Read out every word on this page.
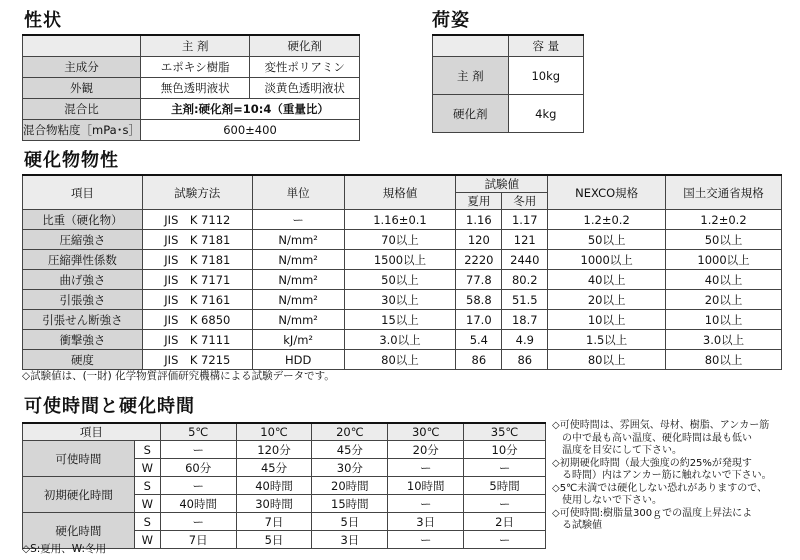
性状
	主 剤	硬化剤
主成分	エポキシ樹脂	変性ポリアミン
外観	無色透明液状	淡黄色透明液状
混合比	主剤:硬化剤=10:4（重量比）	
混合物粘度［mPa･s］	600±400	
荷姿
	容 量
主 剤	10kg
硬化剤	4kg
硬化物物性
項目	試験方法	単位	規格値	試験値		NEXCO規格	国土交通省規格
				夏用	冬用		
比重（硬化物）	JIS　K 7112	ー	1.16±0.1	1.16	1.17	1.2±0.2	1.2±0.2
圧縮強さ	JIS　K 7181	N/mm²	70以上	120	121	50以上	50以上
圧縮弾性係数	JIS　K 7181	N/mm²	1500以上	2220	2440	1000以上	1000以上
曲げ強さ	JIS　K 7171	N/mm²	50以上	77.8	80.2	40以上	40以上
引張強さ	JIS　K 7161	N/mm²	30以上	58.8	51.5	20以上	20以上
引張せん断強さ	JIS　K 6850	N/mm²	15以上	17.0	18.7	10以上	10以上
衝撃強さ	JIS　K 7111	kJ/m²	3.0以上	5.4	4.9	1.5以上	3.0以上
硬度	JIS　K 7215	HDD	80以上	86	86	80以上	80以上
◇試験値は、(一財) 化学物質評価研究機構による試験データです。
可使時間と硬化時間
項目		5℃	10℃	20℃	30℃	35℃
可使時間	S	ー	120分	45分	20分	10分
	W	60分	45分	30分	ー	ー
初期硬化時間	S	ー	40時間	20時間	10時間	5時間
	W	40時間	30時間	15時間	ー	ー
硬化時間	S	ー	7日	5日	3日	2日
	W	7日	5日	3日	ー	ー
◇S:夏用、W:冬用
◇可使時間は、雰囲気、母材、樹脂、アンカー筋
　の中で最も高い温度、硬化時間は最も低い
　温度を目安にして下さい。
◇初期硬化時間（最大強度の約25%が発現す
　る時間）内はアンカー筋に触れないで下さい。
◇5℃未満では硬化しない恐れがありますので、
　使用しないで下さい。
◇可使時間:樹脂量300ｇでの温度上昇法によ
　る試験値
